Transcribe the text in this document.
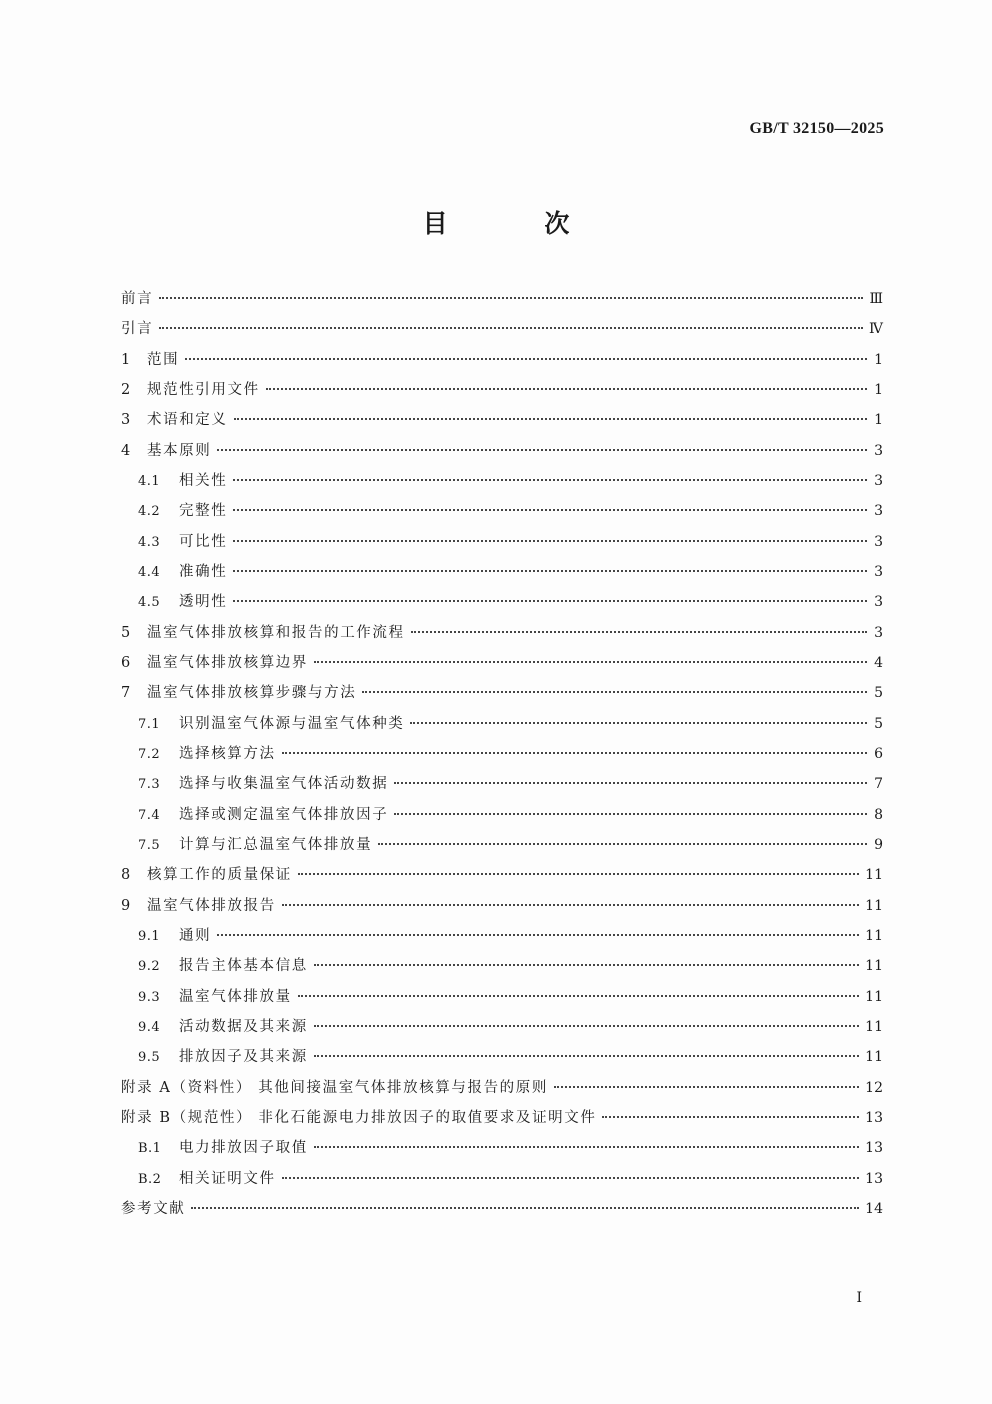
GB/T 32150—2025
目 次
前言	Ⅲ
引言	Ⅳ
1	范围	1
2	规范性引用文件	1
3	术语和定义	1
4	基本原则	3
4.1	相关性	3
4.2	完整性	3
4.3	可比性	3
4.4	准确性	3
4.5	透明性	3
5	温室气体排放核算和报告的工作流程	3
6	温室气体排放核算边界	4
7	温室气体排放核算步骤与方法	5
7.1	识别温室气体源与温室气体种类	5
7.2	选择核算方法	6
7.3	选择与收集温室气体活动数据	7
7.4	选择或测定温室气体排放因子	8
7.5	计算与汇总温室气体排放量	9
8	核算工作的质量保证	11
9	温室气体排放报告	11
9.1	通则	11
9.2	报告主体基本信息	11
9.3	温室气体排放量	11
9.4	活动数据及其来源	11
9.5	排放因子及其来源	11
附录 A（资料性） 其他间接温室气体排放核算与报告的原则	12
附录 B（规范性） 非化石能源电力排放因子的取值要求及证明文件	13
B.1	电力排放因子取值	13
B.2	相关证明文件	13
参考文献	14
I
